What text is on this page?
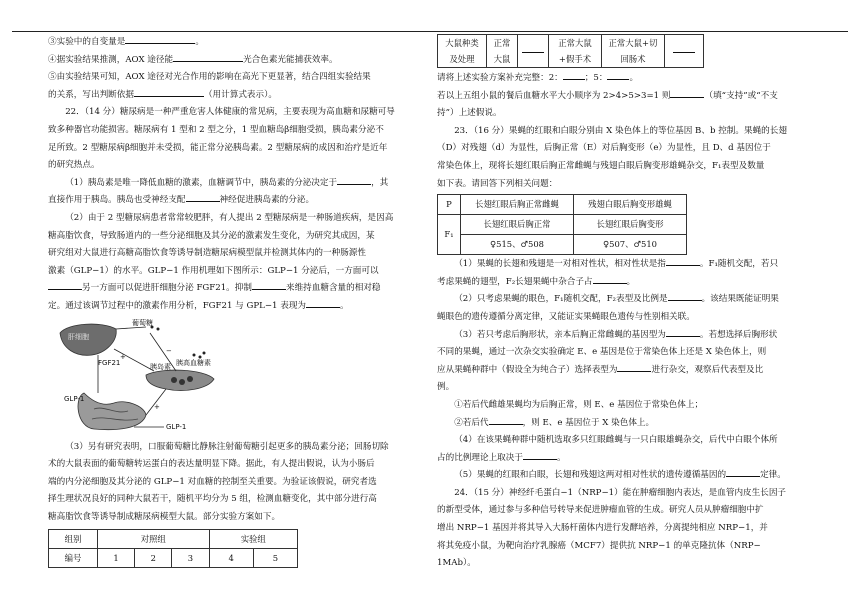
③实验中的自变量是	。

④据实验结果推测，AOX 途径能	光合色素光能捕获效率。

⑤由实验结果可知，AOX 途径对光合作用的影响在高光下更显著，结合四组实验结果

的关系，写出判断依据	（用计算式表示）。

22．（14 分）糖尿病是一种严重危害人体健康的常见病，主要表现为高血糖和尿糖可导

致多种器官功能损害。糖尿病有 1 型和 2 型之分，1 型血糖岛β细胞受损，胰岛素分泌不

足所致。2 型糖尿病β细胞并未受损，能正常分泌胰岛素。2 型糖尿病的成因和治疗是近年

的研究热点。

（1）胰岛素是唯一降低血糖的激素，血糖调节中，胰岛素的分泌决定于	，其

直接作用于胰岛。胰岛也受神经支配	神经促进胰岛素的分泌。

（2）由于 2 型糖尿病患者常常较肥胖，有人提出 2 型糖尿病是一种肠道疾病，是因高

糖高脂饮食，导致肠道内的一些分泌细胞及其分泌的激素发生变化，为研究其成因，某

研究组对大鼠进行高糖高脂饮食等诱导制造糖尿病模型鼠并检测其体内的一种肠源性

激素（GLP−1）的水平。GLP−1 作用机理如下图所示：GLP−1 分泌后，一方面可以

另一方面可以促进肝细胞分泌 FGF21。抑制	来维持血糖含量的相对稳

定。通过该调节过程中的激素作用分析，FGF21 与 GPL−1 表现为	。

葡萄糖
肝细胞
FGF21	胰岛素 胰高血糖素
GLP-1
GLP-1
+
−
+

（3）另有研究表明，口服葡萄糖比静脉注射葡萄糖引起更多的胰岛素分泌；回肠切除

术的大鼠表面的葡萄糖转运蛋白的表达量明显下降。据此，有人提出假说，认为小肠后

端的内分泌细胞及其分泌的 GLP−1 对血糖的控制至关重要。为验证该假说，研究者选

择生理状况良好的同种大鼠若干，随机平均分为 5 组，检测血糖变化，其中部分进行高

糖高脂饮食等诱导制成糖尿病模型大鼠。部分实验方案如下。

组别	对照组			实验组	
编号	1	2	3	4	5
大鼠种类及处理	正常大鼠		正常大鼠+假手术	正常大鼠+切回肠术	

请将上述实验方案补充完整：2：	；5：	。

若以上五组小鼠的餐后血糖水平大小顺序为 2>4>5>3=1 则	（填“支持”或“不支

持”）上述假说。

23．（16 分）果蝇的红眼和白眼分别由 X 染色体上的等位基因 B、b 控制。果蝇的长翅

（D）对残翅（d）为显性，后胸正常（E）对后胸变形（e）为显性，且 D、d 基因位于

常染色体上，现将长翅红眼后胸正常雌蝇与残翅白眼后胸变形雄蝇杂交，F₁表型及数量

如下表。请回答下列相关问题：

P	长翅红眼后胸正常雌蝇	残翅白眼后胸变形雄蝇
F₁	长翅红眼后胸正常	长翅红眼后胸变形
	♀515、♂508	♀507、♂510

（1）果蝇的长翅和残翅是一对相对性状，相对性状是指	。F₁随机交配，若只

考虑果蝇的翅型，F₂长翅果蝇中杂合子占	。

（2）只考虑果蝇的眼色，F₁随机交配，F₂表型及比例是	。该结果既能证明果

蝇眼色的遗传遵循分离定律，又能证实果蝇眼色遗传与性别相关联。

（3）若只考虑后胸形状，亲本后胸正常雌蝇的基因型为	。若想选择后胸形状

不同的果蝇，通过一次杂交实验确定 E、e 基因是位于常染色体上还是 X 染色体上，则

应从果蝇种群中（假设全为纯合子）选择表型为	进行杂交，观察后代表型及比

例。

①若后代雌雄果蝇均为后胸正常，则 E、e 基因位于常染色体上；

②若后代	，则 E、e 基因位于 X 染色体上。

（4）在该果蝇种群中随机选取多只红眼雌蝇与一只白眼雄蝇杂交，后代中白眼个体所

占的比例理论上取决于	。

（5）果蝇的红眼和白眼，长翅和残翅这两对相对性状的遗传遵循基因的	定律。

24．（15 分）神经纤毛蛋白−1（NRP−1）能在肿瘤细胞内表达，是血管内皮生长因子

的新型受体，通过参与多种信号转导来促进肿瘤血管的生成。研究人员从肿瘤细胞中扩

增出 NRP−1 基因并将其导入大肠杆菌体内进行发酵培养，分离提纯相应 NRP−1，并

将其免疫小鼠，为靶向治疗乳腺癌（MCF7）提供抗 NRP−1 的单克隆抗体（NRP−

1MAb）。
